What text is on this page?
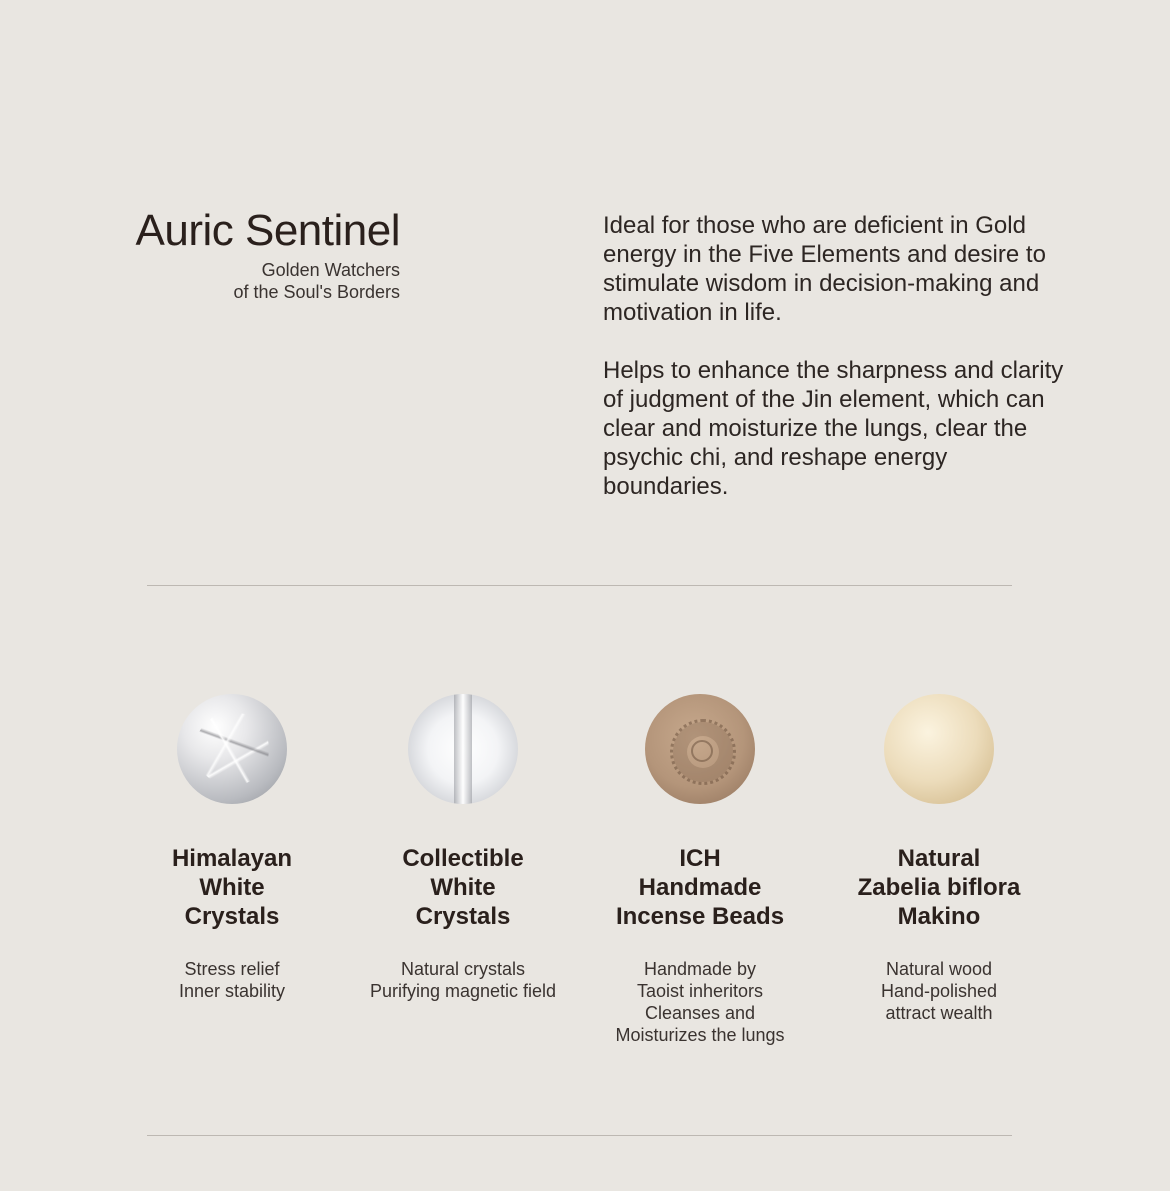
Auric Sentinel
Golden Watchers
of the Soul's Borders

Ideal for those who are deficient in Gold energy in the Five Elements and desire to stimulate wisdom in decision-making and motivation in life.

Helps to enhance the sharpness and clarity of judgment of the Jin element, which can clear and moisturize the lungs, clear the psychic chi, and reshape energy boundaries.

Himalayan
White
Crystals
Stress relief
Inner stability
Collectible
White
Crystals
Natural crystals
Purifying magnetic field
ICH
Handmade
Incense Beads
Handmade by
Taoist inheritors
Cleanses and
Moisturizes the lungs
Natural
Zabelia biflora
Makino
Natural wood
Hand-polished
attract wealth
